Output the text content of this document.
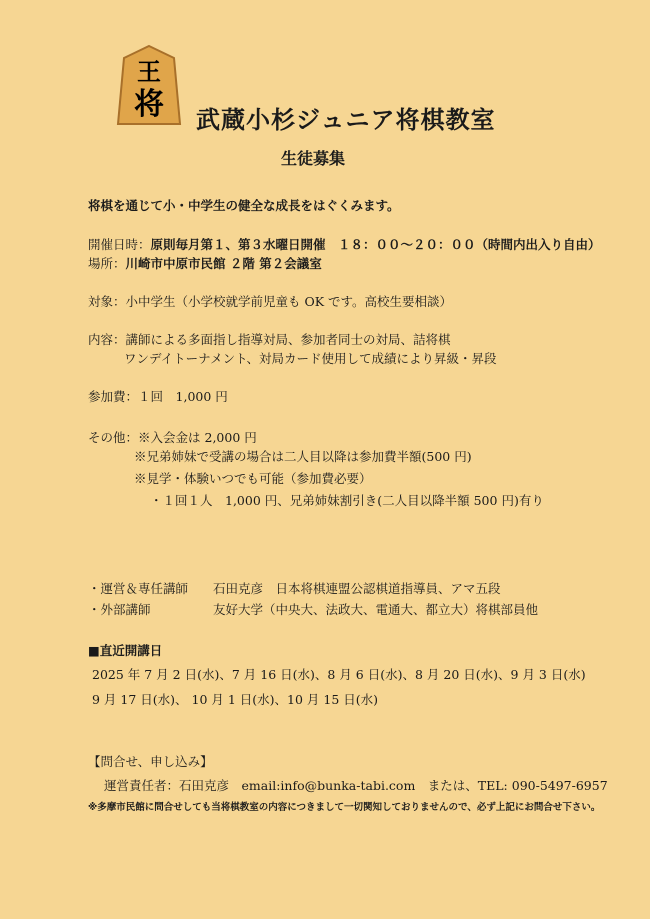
王
将 武蔵小杉ジュニア将棋教室
生徒募集
将棋を通じて小・中学生の健全な成長をはぐくみます。
開催日時：原則毎月第１、第３水曜日開催　１８：００〜２０：００（時間内出入り自由）
場所：川崎市中原市民館 ２階 第２会議室
対象：小中学生（小学校就学前児童も OK です。高校生要相談）
内容：講師による多面指し指導対局、参加者同士の対局、詰将棋
ワンデイトーナメント、対局カード使用して成績により昇級・昇段
参加費：１回　1,000 円
その他：※入会金は 2,000 円
※兄弟姉妹で受講の場合は二人目以降は参加費半額(500 円)
※見学・体験いつでも可能（参加費必要）
・１回１人　1,000 円、兄弟姉妹割引き(二人目以降半額 500 円)有り
・運営＆専任講師 石田克彦　日本将棋連盟公認棋道指導員、アマ五段
・外部講師	友好大学（中央大、法政大、電通大、都立大）将棋部員他
■直近開講日
2025 年 7 月 2 日(水)、7 月 16 日(水)、8 月 6 日(水)、8 月 20 日(水)、9 月 3 日(水)
9 月 17 日(水)、 10 月 1 日(水)、10 月 15 日(水)
【問合せ、申し込み】
運営責任者：石田克彦　email:info@bunka-tabi.com　または、TEL: 090-5497-6957
※多摩市民館に問合せしても当将棋教室の内容につきまして一切関知しておりませんので、必ず上記にお問合せ下さい。
